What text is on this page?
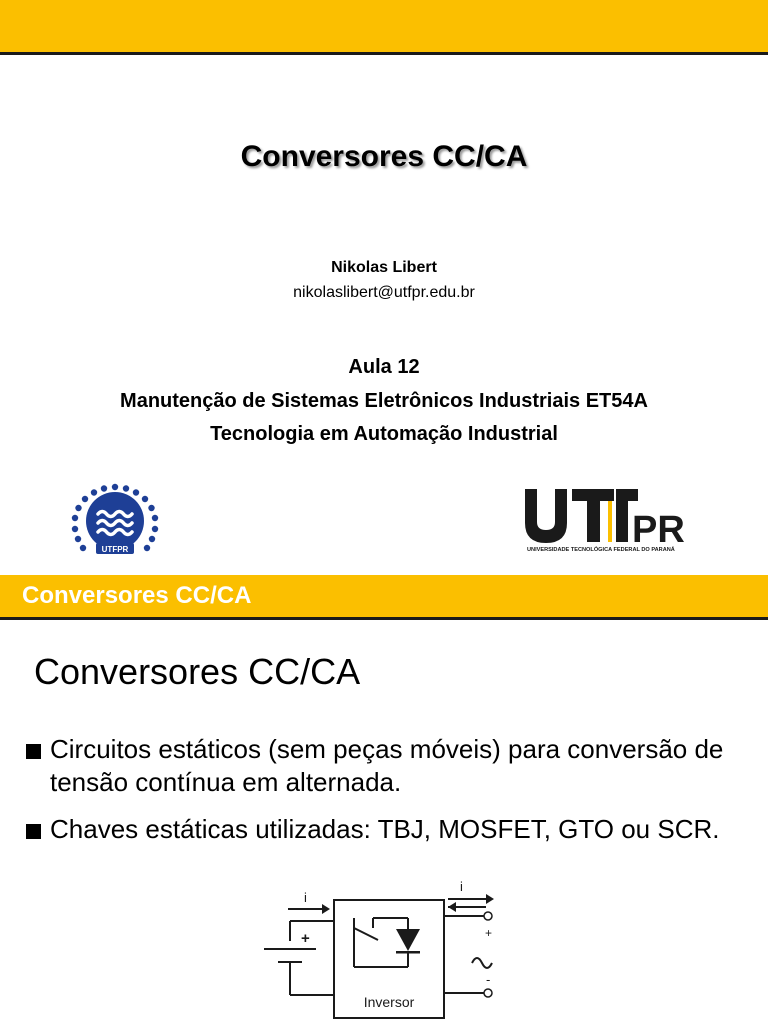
Conversores CC/CA
Nikolas Libert
nikolaslibert@utfpr.edu.br
Aula 12
Manutenção de Sistemas Eletrônicos Industriais ET54A
Tecnologia em Automação Industrial
UTFPR	PR
UNIVERSIDADE TECNOLÓGICA FEDERAL DO PARANÁ
Conversores CC/CA
Conversores CC/CA
Circuitos estáticos (sem peças móveis) para conversão de tensão contínua em alternada.
Chaves estáticas utilizadas: TBJ, MOSFET, GTO ou SCR.
i
i
+	+
-
Inversor
